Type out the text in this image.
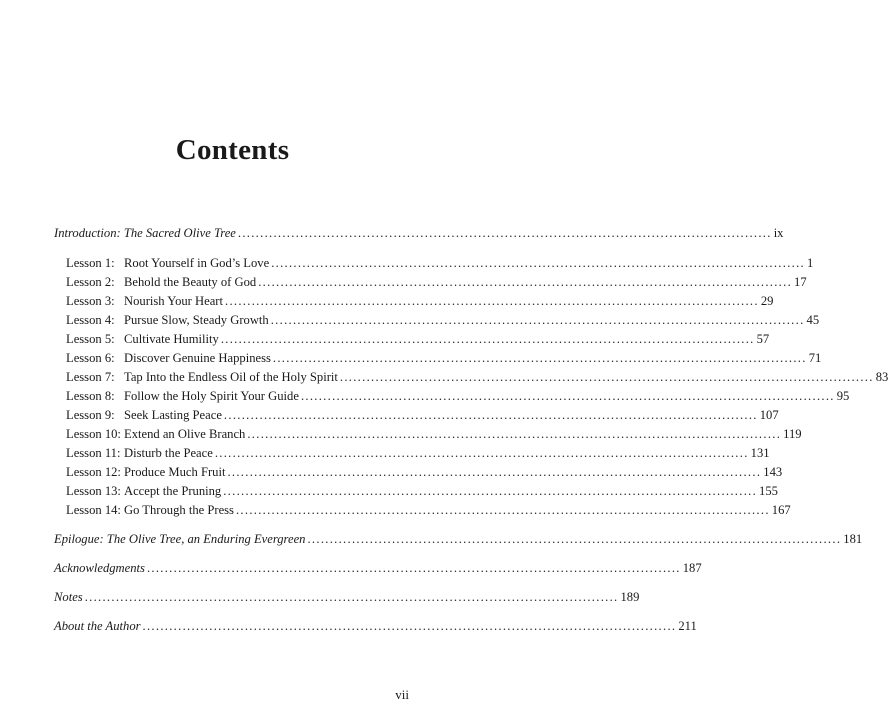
Contents
Introduction: The Sacred Olive Tree ........................................................................................................................ ix
Lesson 1: Root Yourself in God’s Love ........................................................................................................................ 1
Lesson 2: Behold the Beauty of God ........................................................................................................................ 17
Lesson 3: Nourish Your Heart ........................................................................................................................ 29
Lesson 4: Pursue Slow, Steady Growth ........................................................................................................................ 45
Lesson 5: Cultivate Humility ........................................................................................................................ 57
Lesson 6: Discover Genuine Happiness ........................................................................................................................ 71
Lesson 7: Tap Into the Endless Oil of the Holy Spirit ........................................................................................................................ 83
Lesson 8: Follow the Holy Spirit Your Guide ........................................................................................................................ 95
Lesson 9: Seek Lasting Peace ........................................................................................................................ 107
Lesson 10: Extend an Olive Branch ........................................................................................................................ 119
Lesson 11: Disturb the Peace ........................................................................................................................ 131
Lesson 12: Produce Much Fruit ........................................................................................................................ 143
Lesson 13: Accept the Pruning ........................................................................................................................ 155
Lesson 14: Go Through the Press ........................................................................................................................ 167
Epilogue: The Olive Tree, an Enduring Evergreen ........................................................................................................................ 181
Acknowledgments ........................................................................................................................ 187
Notes ........................................................................................................................ 189
About the Author ........................................................................................................................ 211
vii
